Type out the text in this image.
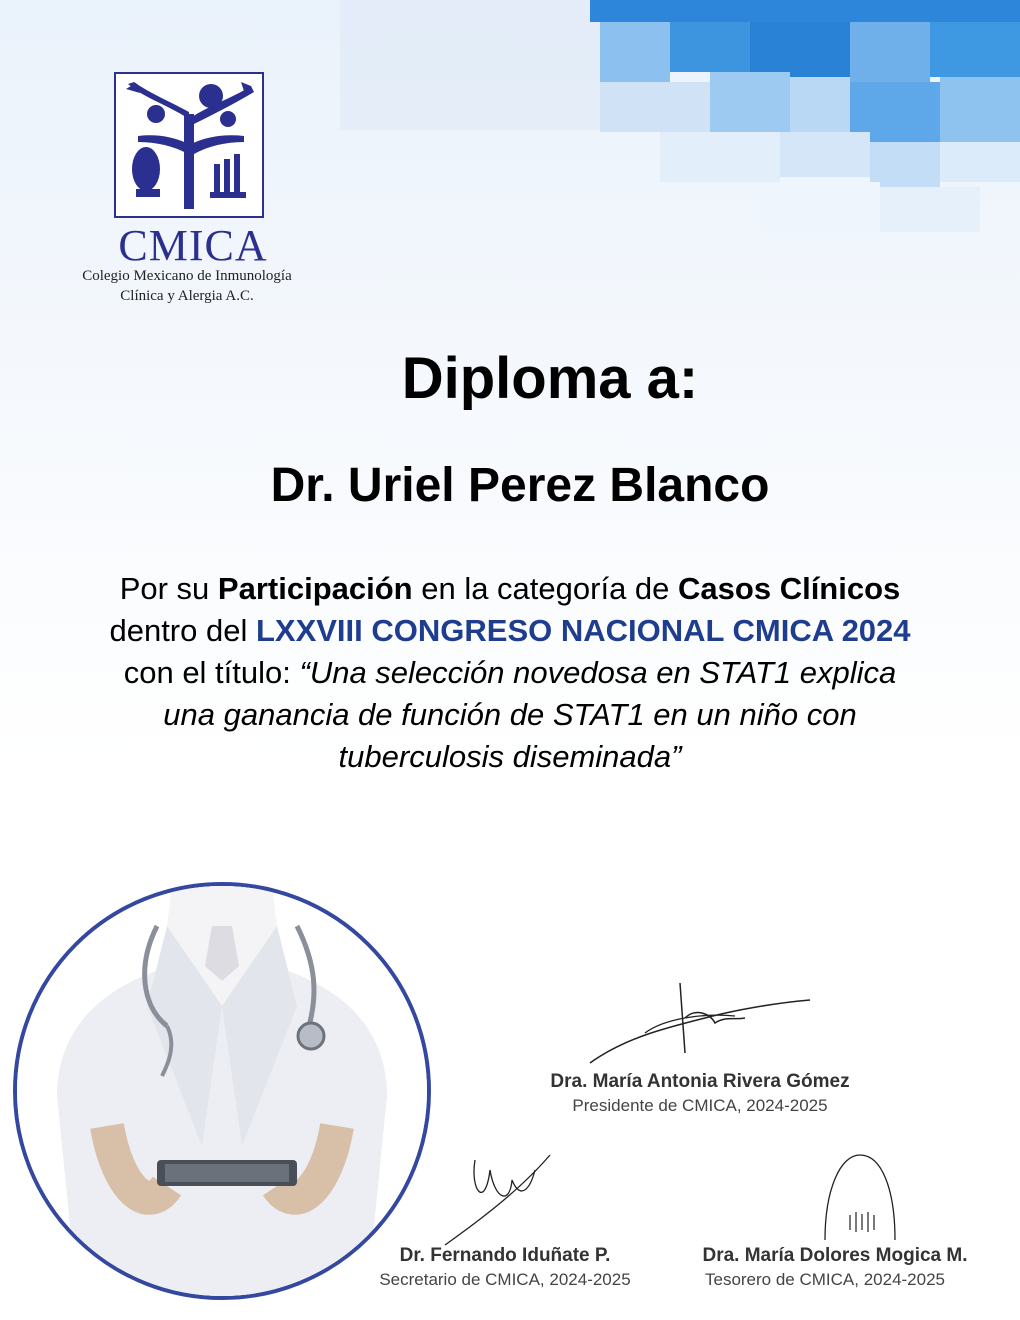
CMICA
Colegio Mexicano de Inmunología
Clínica y Alergia A.C.
Diploma a:
Dr. Uriel Perez Blanco
Por su Participación en la categoría de Casos Clínicos
dentro del LXXVIII CONGRESO NACIONAL CMICA 2024
con el título: “Una selección novedosa en STAT1 explica
una ganancia de función de STAT1 en un niño con
tuberculosis diseminada”
Dra. María Antonia Rivera Gómez
Presidente de CMICA, 2024-2025
Dr. Fernando Iduñate P.
Secretario de CMICA, 2024-2025
Dra. María Dolores Mogica M.
Tesorero de CMICA, 2024-2025
